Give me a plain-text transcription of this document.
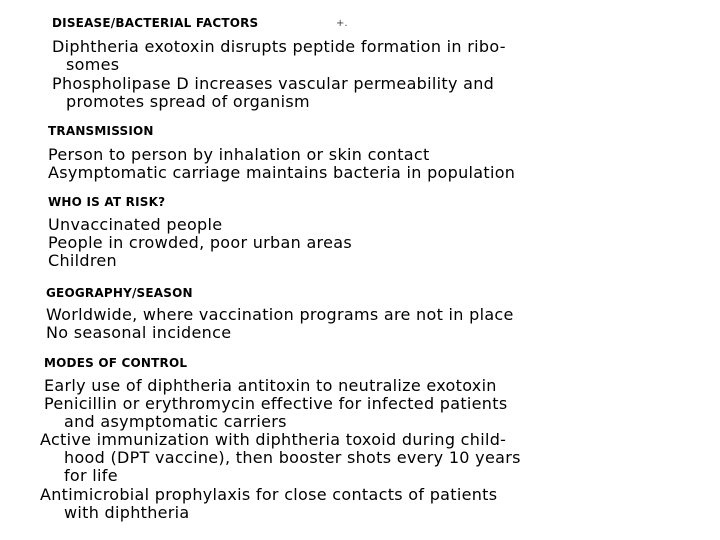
DISEASE/BACTERIAL FACTORS	+.
Diphtheria exotoxin disrupts peptide formation in ribo-
somes
Phospholipase D increases vascular permeability and
promotes spread of organism
TRANSMISSION
Person to person by inhalation or skin contact
Asymptomatic carriage maintains bacteria in population
WHO IS AT RISK?
Unvaccinated people
People in crowded, poor urban areas
Children
GEOGRAPHY/SEASON
Worldwide, where vaccination programs are not in place
No seasonal incidence
MODES OF CONTROL
Early use of diphtheria antitoxin to neutralize exotoxin
Penicillin or erythromycin effective for infected patients
and asymptomatic carriers
Active immunization with diphtheria toxoid during child-
hood (DPT vaccine), then booster shots every 10 years
for life
Antimicrobial prophylaxis for close contacts of patients
with diphtheria
